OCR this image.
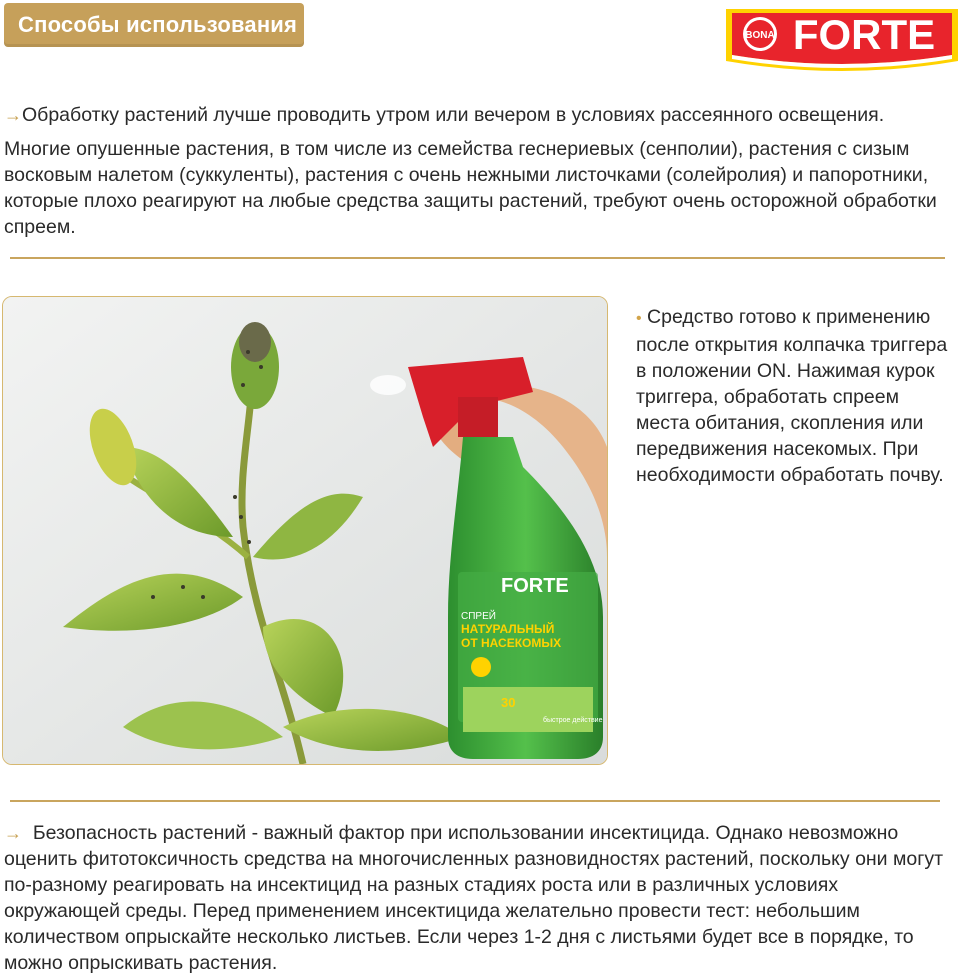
Способы использования	BONA FORTE
→Обработку растений лучше проводить утром или вечером в условиях рассеянного освещения.
Многие опушенные растения, в том числе из семейства геснериевых (сенполии), растения с сизым восковым налетом (суккуленты), растения с очень нежными листочками (солейролия) и папоротники, которые плохо реагируют на любые средства защиты растений, требуют очень осторожной обработки спреем.
FORTE
СПРЕЙ
НАТУРАЛЬНЫЙ
ОТ НАСЕКОМЫХ
30
быстрое действие
• Средство готово к применению после открытия колпачка триггера в положении ON. Нажимая курок триггера, обработать спреем места обитания, скопления или передвижения насекомых. При необходимости обработать почву.
→ Безопасность растений - важный фактор при использовании инсектицида. Однако невозможно оценить фитотоксичность средства на многочисленных разновидностях растений, поскольку они могут по-разному реагировать на инсектицид на разных стадиях роста или в различных условиях окружающей среды. Перед применением инсектицида желательно провести тест: небольшим количеством опрыскайте несколько листьев. Если через 1-2 дня с листьями будет все в порядке, то можно опрыскивать растения.
